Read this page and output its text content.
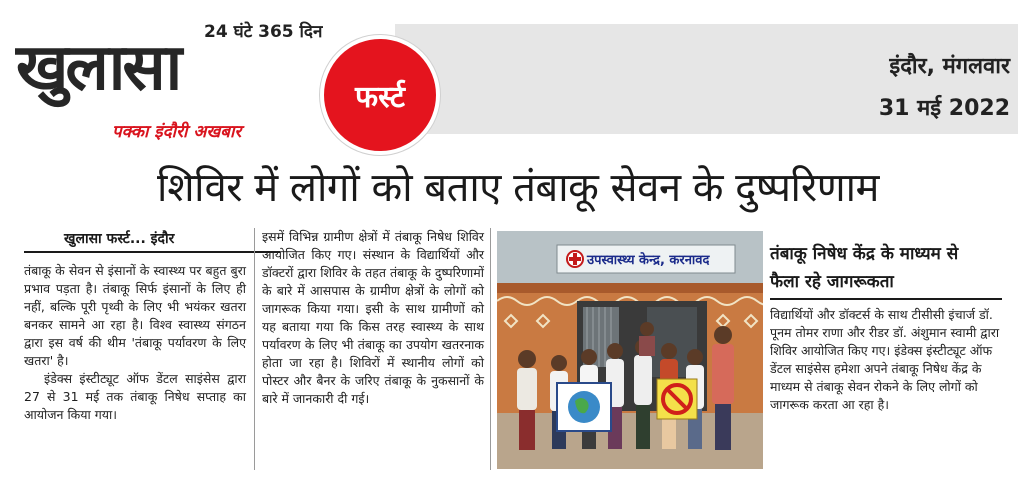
24 घंटे 365 दिन
खुलासा
पक्का इंदौरी अखबार
फर्स्ट
इंदौर, मंगलवार
31 मई 2022
शिविर में लोगों को बताए तंबाकू सेवन के दुष्परिणाम
खुलासा फर्स्ट... इंदौर

तंबाकू के सेवन से इंसानों के स्वास्थ्य पर बहुत बुरा प्रभाव पड़ता है। तंबाकू सिर्फ इंसानों के लिए ही नहीं, बल्कि पूरी पृथ्वी के लिए भी भयंकर खतरा बनकर सामने आ रहा है। विश्व स्वास्थ्य संगठन द्वारा इस वर्ष की थीम 'तंबाकू पर्यावरण के लिए खतरा' है।

इंडेक्स इंस्टीट्यूट ऑफ डेंटल साइंसेस द्वारा 27 से 31 मई तक तंबाकू निषेध सप्ताह का आयोजन किया गया।

इसमें विभिन्न ग्रामीण क्षेत्रों में तंबाकू निषेध शिविर आयोजित किए गए। संस्थान के विद्यार्थियों और डॉक्टरों द्वारा शिविर के तहत तंबाकू के दुष्परिणामों के बारे में आसपास के ग्रामीण क्षेत्रों के लोगों को जागरूक किया गया। इसी के साथ ग्रामीणों को यह बताया गया कि किस तरह स्वास्थ्य के साथ पर्यावरण के लिए भी तंबाकू का उपयोग खतरनाक होता जा रहा है। शिविरों में स्थानीय लोगों को पोस्टर और बैनर के जरिए तंबाकू के नुकसानों के बारे में जानकारी दी गई।

उपस्वास्थ्य केन्द्र, करनावद	तंबाकू निषेध केंद्र के माध्यम से फैला रहे जागरूकता

विद्यार्थियों और डॉक्टर्स के साथ टीसीसी इंचार्ज डॉ. पूनम तोमर राणा और रीडर डॉ. अंशुमान स्वामी द्वारा शिविर आयोजित किए गए। इंडेक्स इंस्टीट्यूट ऑफ डेंटल साइंसेस हमेशा अपने तंबाकू निषेध केंद्र के माध्यम से तंबाकू सेवन रोकने के लिए लोगों को जागरूक करता आ रहा है।
